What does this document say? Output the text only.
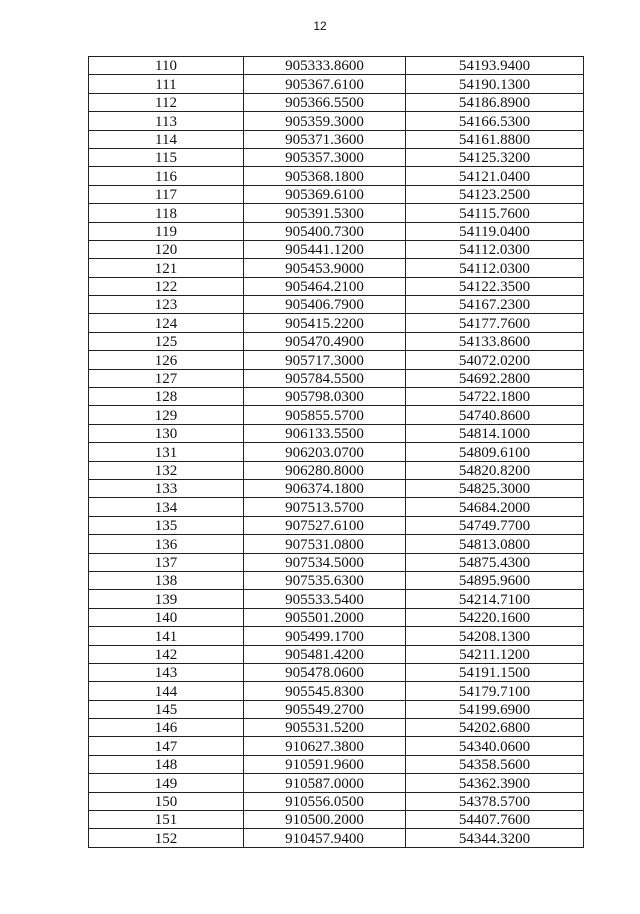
12
110	905333.8600	54193.9400
111	905367.6100	54190.1300
112	905366.5500	54186.8900
113	905359.3000	54166.5300
114	905371.3600	54161.8800
115	905357.3000	54125.3200
116	905368.1800	54121.0400
117	905369.6100	54123.2500
118	905391.5300	54115.7600
119	905400.7300	54119.0400
120	905441.1200	54112.0300
121	905453.9000	54112.0300
122	905464.2100	54122.3500
123	905406.7900	54167.2300
124	905415.2200	54177.7600
125	905470.4900	54133.8600
126	905717.3000	54072.0200
127	905784.5500	54692.2800
128	905798.0300	54722.1800
129	905855.5700	54740.8600
130	906133.5500	54814.1000
131	906203.0700	54809.6100
132	906280.8000	54820.8200
133	906374.1800	54825.3000
134	907513.5700	54684.2000
135	907527.6100	54749.7700
136	907531.0800	54813.0800
137	907534.5000	54875.4300
138	907535.6300	54895.9600
139	905533.5400	54214.7100
140	905501.2000	54220.1600
141	905499.1700	54208.1300
142	905481.4200	54211.1200
143	905478.0600	54191.1500
144	905545.8300	54179.7100
145	905549.2700	54199.6900
146	905531.5200	54202.6800
147	910627.3800	54340.0600
148	910591.9600	54358.5600
149	910587.0000	54362.3900
150	910556.0500	54378.5700
151	910500.2000	54407.7600
152	910457.9400	54344.3200
